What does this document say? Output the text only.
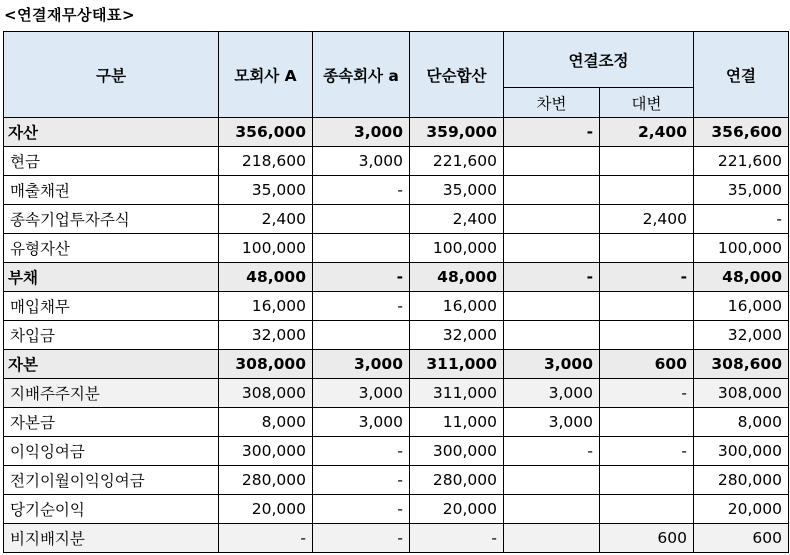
<연결재무상태표>
구분	모회사 A	종속회사 a	단순합산	연결조정		연결
				차변	대변	
자산	356,000	3,000	359,000	-	2,400	356,600
현금	218,600	3,000	221,600			221,600
매출채권	35,000	-	35,000			35,000
종속기업투자주식	2,400		2,400		2,400	-
유형자산	100,000		100,000			100,000
부채	48,000	-	48,000	-	-	48,000
매입채무	16,000	-	16,000			16,000
차입금	32,000		32,000			32,000
자본	308,000	3,000	311,000	3,000	600	308,600
지배주주지분	308,000	3,000	311,000	3,000	-	308,000
자본금	8,000	3,000	11,000	3,000		8,000
이익잉여금	300,000	-	300,000	-	-	300,000
전기이월이익잉여금	280,000	-	280,000			280,000
당기순이익	20,000	-	20,000			20,000
비지배지분	-	-	-		600	600
